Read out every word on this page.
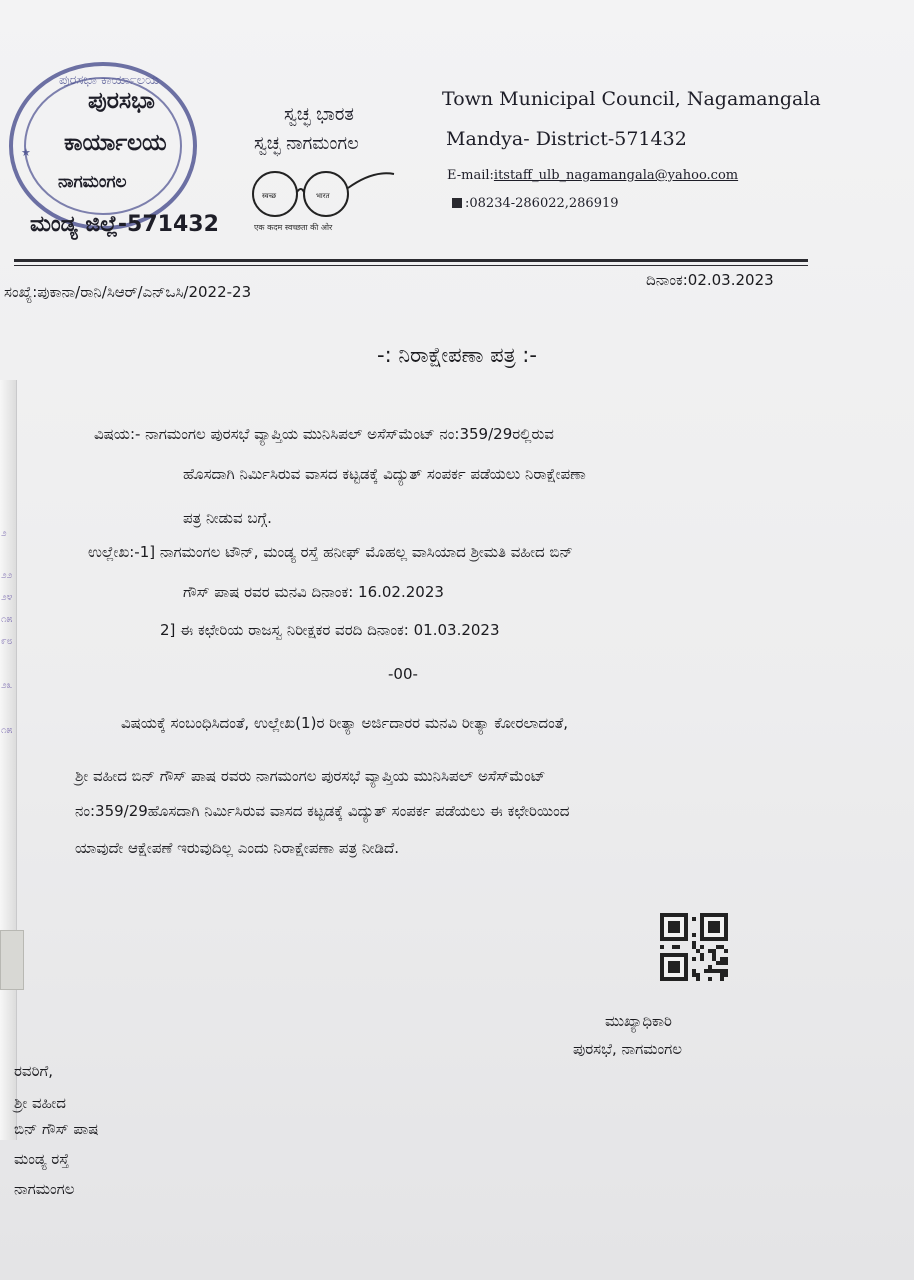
೨
೨೨
೨೪
೧೫
೯೮
೨೩
೧೫
★
ಪುರಸಭಾ ಕಾರ್ಯಾಲಯ
ಪುರಸಭಾ
ಕಾರ್ಯಾಲಯ
ನಾಗಮಂಗಲ
ಮಂಡ್ಯ ಜಿಲ್ಲೆ-571432
ಸ್ವಚ್ಛ ಭಾರತ
ಸ್ವಚ್ಛ ನಾಗಮಂಗಲ
स्वच्छ	भारत
एक कदम स्वच्छता की ओर
Town Municipal Council, Nagamangala
Mandya- District-571432
E-mail:itstaff_ulb_nagamangala@yahoo.com
:08234-286022,286919
ಸಂಖ್ಯೆ:ಪುಕಾನಾ/ರಾನಿ/ಸಿಆರ್/ಎನ್‌ಒಸಿ/2022-23
ದಿನಾಂಕ:02.03.2023
-: ನಿರಾಕ್ಷೇಪಣಾ ಪತ್ರ :-
ವಿಷಯ:- ನಾಗಮಂಗಲ ಪುರಸಭೆ ವ್ಯಾಪ್ತಿಯ ಮುನಿಸಿಪಲ್ ಅಸೆಸ್‌ಮೆಂಟ್ ನಂ:359/29ರಲ್ಲಿರುವ
ಹೊಸದಾಗಿ ನಿರ್ಮಿಸಿರುವ ವಾಸದ ಕಟ್ಟಡಕ್ಕೆ ವಿದ್ಯುತ್ ಸಂಪರ್ಕ ಪಡೆಯಲು ನಿರಾಕ್ಷೇಪಣಾ
ಪತ್ರ ನೀಡುವ ಬಗ್ಗೆ.
ಉಲ್ಲೇಖ:-1] ನಾಗಮಂಗಲ ಟೌನ್, ಮಂಡ್ಯ ರಸ್ತೆ ಹನೀಫ್ ಮೊಹಲ್ಲ ವಾಸಿಯಾದ ಶ್ರೀಮತಿ ವಹೀದ ಬಿನ್
ಗೌಸ್ ಪಾಷ ರವರ ಮನವಿ ದಿನಾಂಕ: 16.02.2023
2] ಈ ಕಛೇರಿಯ ರಾಜಸ್ವ ನಿರೀಕ್ಷಕರ ವರದಿ ದಿನಾಂಕ: 01.03.2023
-00-
ವಿಷಯಕ್ಕೆ ಸಂಬಂಧಿಸಿದಂತೆ, ಉಲ್ಲೇಖ(1)ರ ರೀತ್ಯಾ ಅರ್ಜಿದಾರರ ಮನವಿ ರೀತ್ಯಾ ಕೋರಲಾದಂತೆ,
ಶ್ರೀ ವಹೀದ ಬಿನ್ ಗೌಸ್ ಪಾಷ ರವರು ನಾಗಮಂಗಲ ಪುರಸಭೆ ವ್ಯಾಪ್ತಿಯ ಮುನಿಸಿಪಲ್ ಅಸೆಸ್‌ಮೆಂಟ್
ನಂ:359/29ಹೊಸದಾಗಿ ನಿರ್ಮಿಸಿರುವ ವಾಸದ ಕಟ್ಟಡಕ್ಕೆ ವಿದ್ಯುತ್ ಸಂಪರ್ಕ ಪಡೆಯಲು ಈ ಕಛೇರಿಯಿಂದ
ಯಾವುದೇ ಆಕ್ಷೇಪಣೆ ಇರುವುದಿಲ್ಲ ಎಂದು ನಿರಾಕ್ಷೇಪಣಾ ಪತ್ರ ನೀಡಿದೆ.
ಮುಖ್ಯಾಧಿಕಾರಿ
ಪುರಸಭೆ, ನಾಗಮಂಗಲ
ರವರಿಗೆ,
ಶ್ರೀ ವಹೀದ
ಬಿನ್ ಗೌಸ್ ಪಾಷ
ಮಂಡ್ಯ ರಸ್ತೆ
ನಾಗಮಂಗಲ
